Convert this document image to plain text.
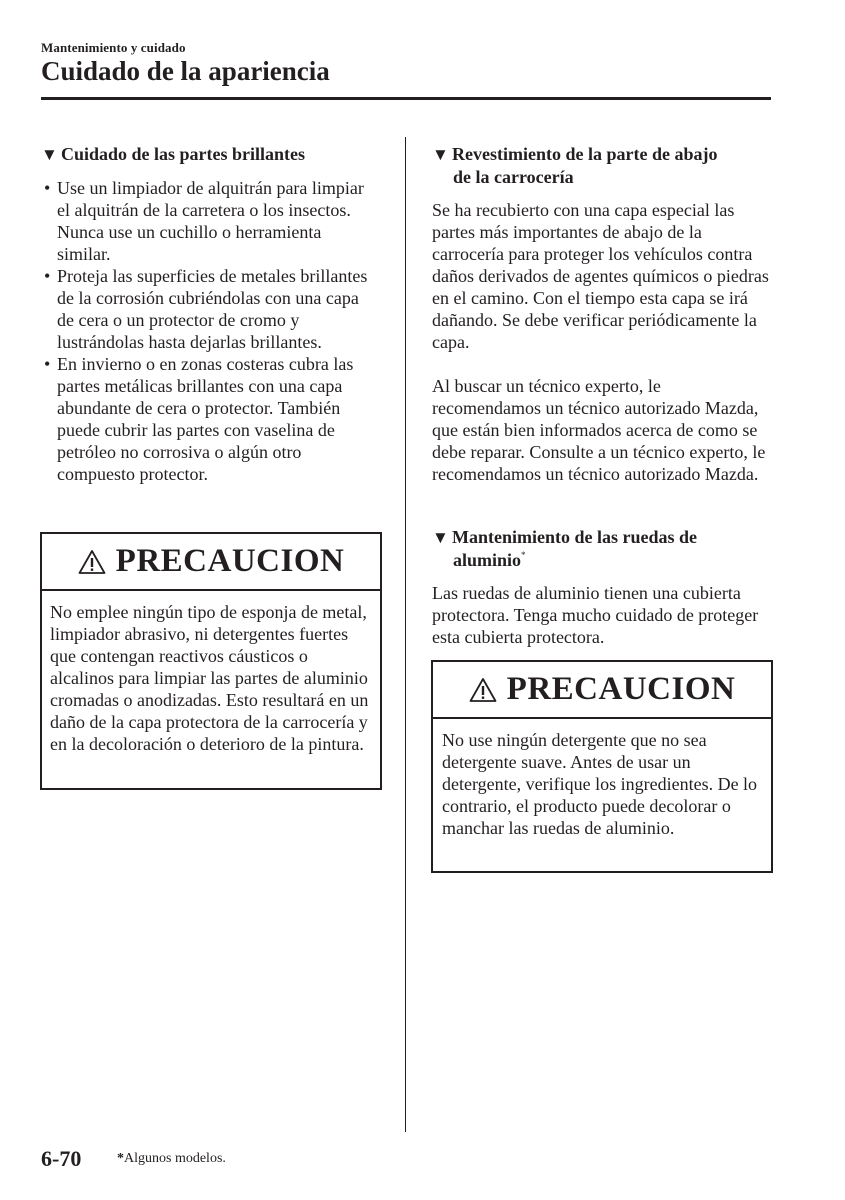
Mantenimiento y cuidado
Cuidado de la apariencia
▼ Cuidado de las partes brillantes
• Use un limpiador de alquitrán para limpiar el alquitrán de la carretera o los insectos. Nunca use un cuchillo o herramienta similar.
• Proteja las superficies de metales brillantes de la corrosión cubriéndolas con una capa de cera o un protector de cromo y lustrándolas hasta dejarlas brillantes.
• En invierno o en zonas costeras cubra las partes metálicas brillantes con una capa abundante de cera o protector. También puede cubrir las partes con vaselina de petróleo no corrosiva o algún otro compuesto protector.
PRECAUCION

No emplee ningún tipo de esponja de metal, limpiador abrasivo, ni detergentes fuertes que contengan reactivos cáusticos o alcalinos para limpiar las partes de aluminio cromadas o anodizadas. Esto resultará en un daño de la capa protectora de la carrocería y en la decoloración o deterioro de la pintura.

▼ Revestimiento de la parte de abajo
de la carrocería

Se ha recubierto con una capa especial las partes más importantes de abajo de la carrocería para proteger los vehículos contra daños derivados de agentes químicos o piedras en el camino. Con el tiempo esta capa se irá dañando. Se debe verificar periódicamente la capa.

Al buscar un técnico experto, le recomendamos un técnico autorizado Mazda, que están bien informados acerca de como se debe reparar. Consulte a un técnico experto, le recomendamos un técnico autorizado Mazda.

▼ Mantenimiento de las ruedas de
aluminio*

Las ruedas de aluminio tienen una cubierta protectora. Tenga mucho cuidado de proteger esta cubierta protectora.

PRECAUCION

No use ningún detergente que no sea detergente suave. Antes de usar un detergente, verifique los ingredientes. De lo contrario, el producto puede decolorar o manchar las ruedas de aluminio.

6-70	*Algunos modelos.
